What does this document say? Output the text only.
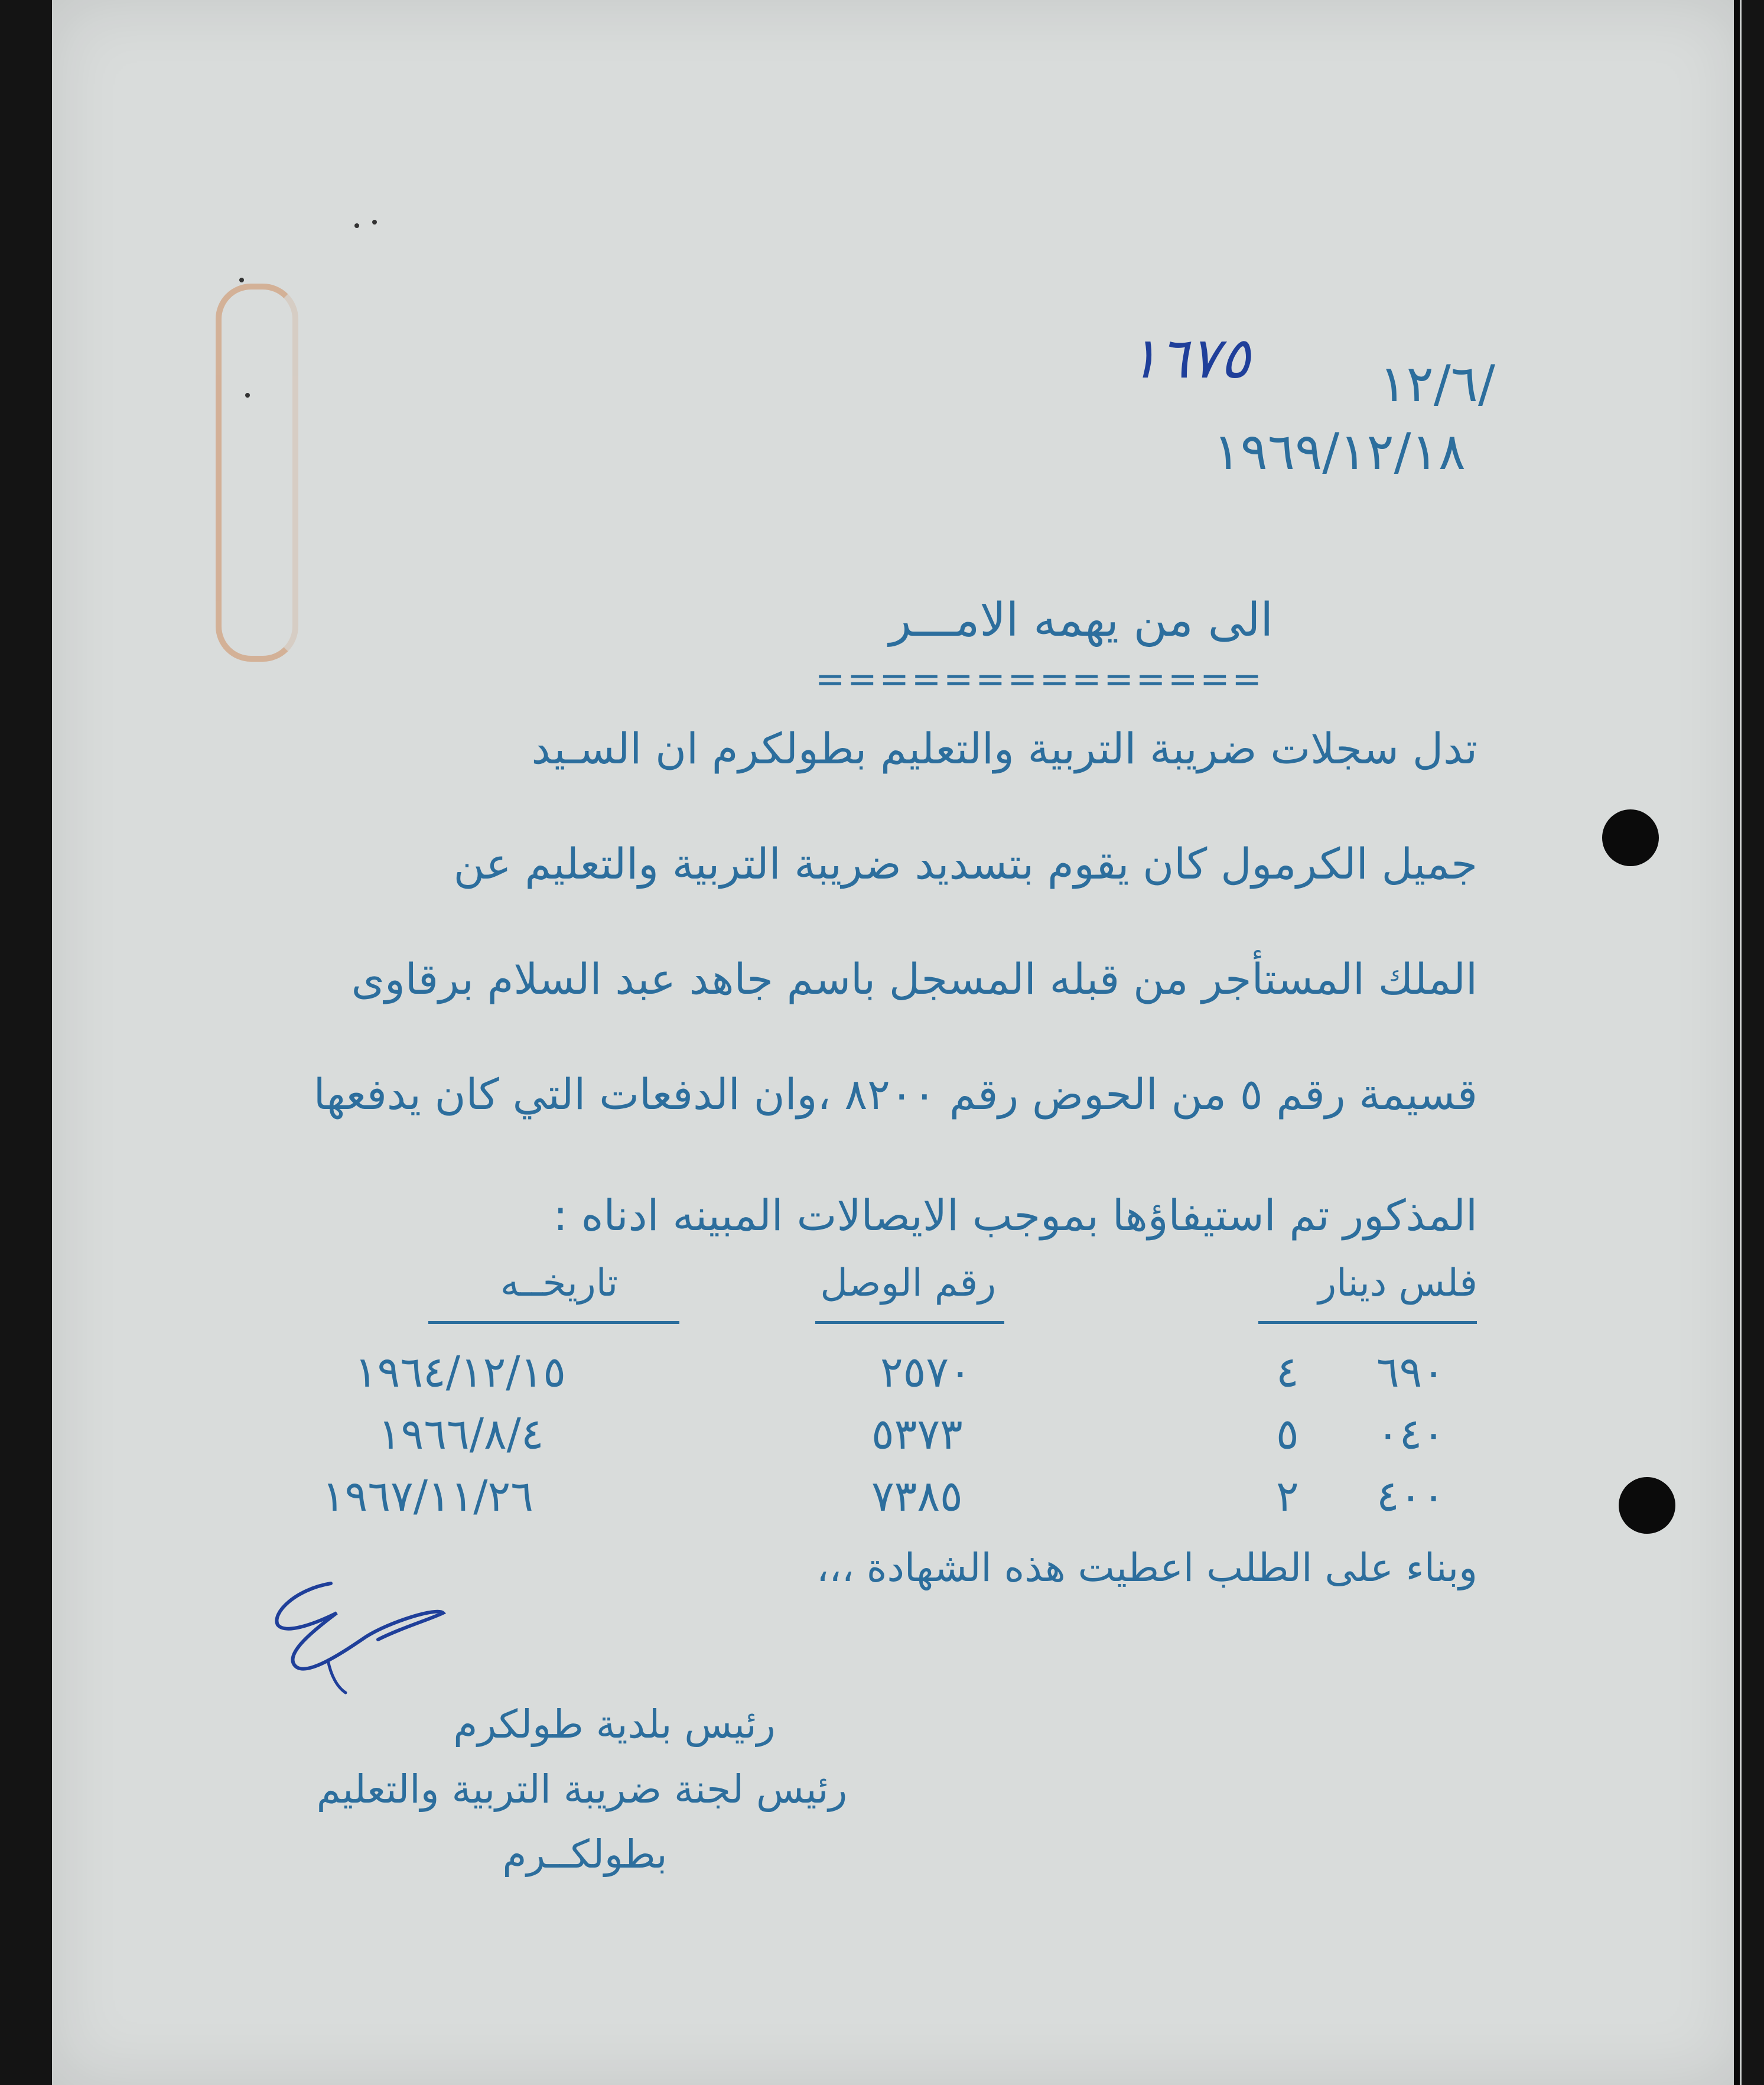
١٦٧٥	/١٢/٦
١٩٦٩/١٢/١٨
الى من يهمه الامـــر
==============
تدل سجلات ضريبة التربية والتعليم بطولكرم ان السـيد
جميل الكرمول كان يقوم بتسديد ضريبة التربية والتعليم عن
الملك المستأجر من قبله المسجل باسم جاهد عبد السلام برقاوى
قسيمة رقم ٥ من الحوض رقم ٨٢٠٠ ،وان الدفعات التي كان يدفعها
المذكور تم استيفاؤها بموجب الايصالات المبينه ادناه :
فلس دينار
رقم الوصل
تاريخــه
٦٩٠
٤
٢٥٧٠
١٩٦٤/١٢/١٥
٠٤٠
٥
٥٣٧٣
١٩٦٦/٨/٤
٤٠٠
٢
٧٣٨٥
١٩٦٧/١١/٢٦
وبناء على الطلب اعطيت هذه الشهادة ،،،
رئيس بلدية طولكرم
رئيس لجنة ضريبة التربية والتعليم
بطولكــرم
